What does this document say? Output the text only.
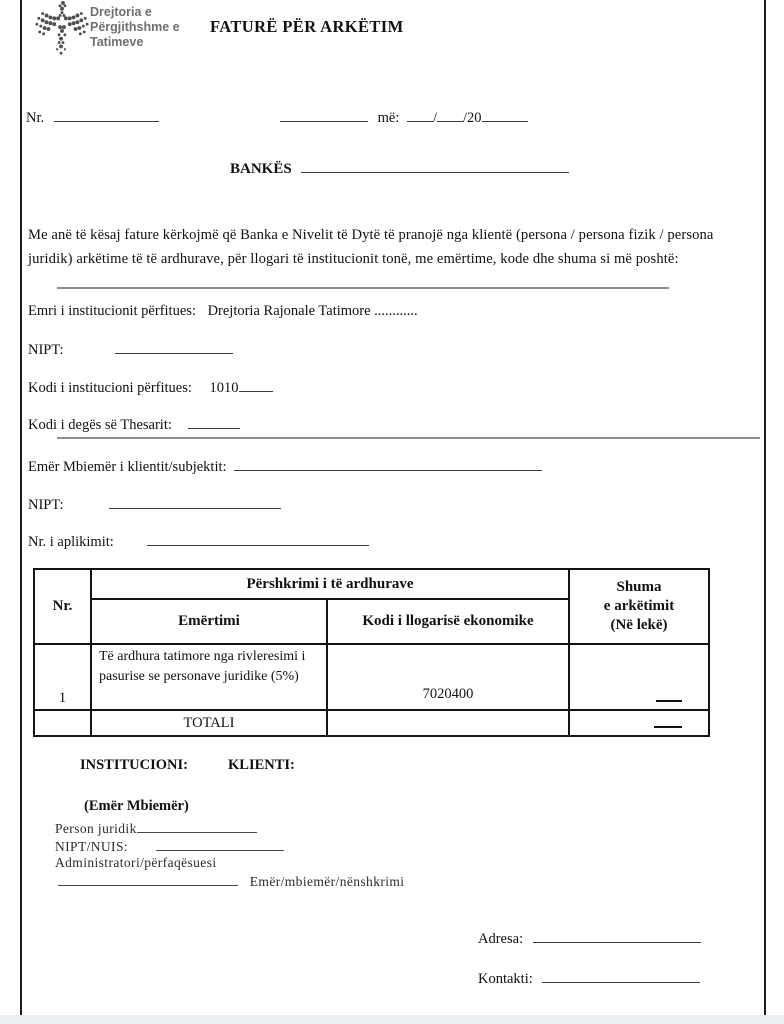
Drejtoria e
Përgjithshme e
Tatimeve
FATURË PËR ARKËTIM
Nr.	më: / /20
BANKËS
Me anë të kësaj fature kërkojmë që Banka e Nivelit të Dytë të pranojë nga klientë (persona / persona fizik / persona
juridik) arkëtime të të ardhurave, për llogari të institucionit tonë, me emërtime, kode dhe shuma si më poshtë:
Emri i institucionit përfitues: Drejtoria Rajonale Tatimore ............
NIPT:
Kodi i institucioni përfitues: 1010
Kodi i degës së Thesarit:
Emër Mbiemër i klientit/subjektit:
NIPT:
Nr. i aplikimit:
Nr.	Përshkrimi i të ardhurave		Shuma
e arkëtimit
(Në lekë)

	Emërtimi	Kodi i llogarisë ekonomike	
1	Të ardhura tatimore nga rivleresimi i pasurise se personave juridike (5%)	7020400	
	TOTALI		
INSTITUCIONI:	KLIENTI:
(Emër Mbiemër)
Person juridik
NIPT/NUIS:
Administratori/përfaqësuesi
Emër/mbiemër/nënshkrimi
Adresa:
Kontakti:
